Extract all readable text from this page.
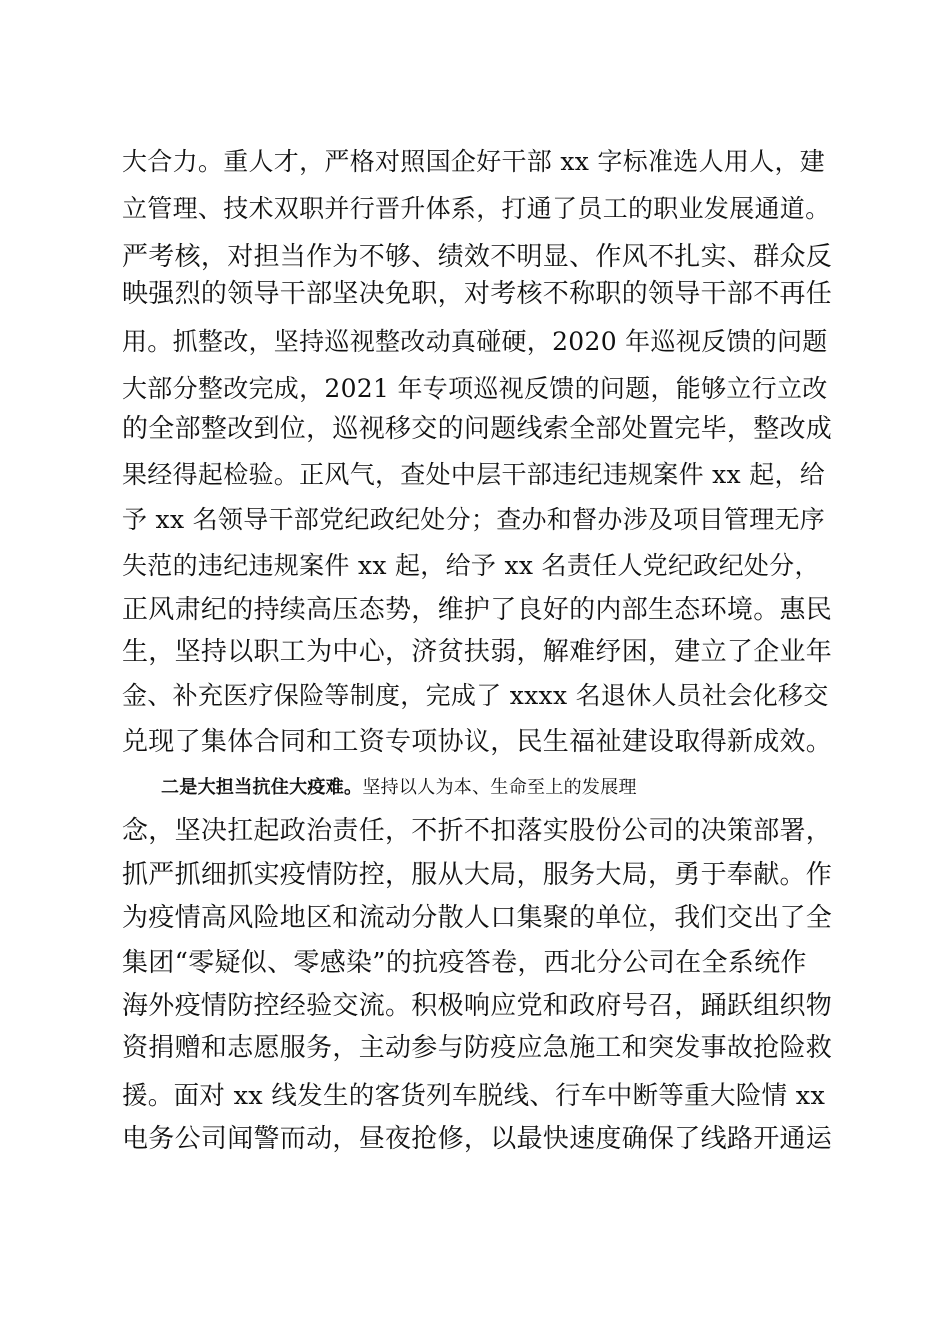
大合力。重人才，严格对照国企好干部 xx 字标准选人用人，建
立管理、技术双职并行晋升体系，打通了员工的职业发展通道。
严考核，对担当作为不够、绩效不明显、作风不扎实、群众反
映强烈的领导干部坚决免职，对考核不称职的领导干部不再任
用。抓整改，坚持巡视整改动真碰硬，2020 年巡视反馈的问题
大部分整改完成，2021 年专项巡视反馈的问题，能够立行立改
的全部整改到位，巡视移交的问题线索全部处置完毕，整改成
果经得起检验。正风气，查处中层干部违纪违规案件 xx 起，给
予 xx 名领导干部党纪政纪处分；查办和督办涉及项目管理无序
失范的违纪违规案件 xx 起，给予 xx 名责任人党纪政纪处分，
正风肃纪的持续高压态势，维护了良好的内部生态环境。惠民
生，坚持以职工为中心，济贫扶弱，解难纾困，建立了企业年
金、补充医疗保险等制度，完成了 xxxx 名退休人员社会化移交
兑现了集体合同和工资专项协议，民生福祉建设取得新成效。
二是大担当抗住大疫难。坚持以人为本、生命至上的发展理
念，坚决扛起政治责任，不折不扣落实股份公司的决策部署，
抓严抓细抓实疫情防控，服从大局，服务大局，勇于奉献。作
为疫情高风险地区和流动分散人口集聚的单位，我们交出了全
集团“零疑似、零感染”的抗疫答卷，西北分公司在全系统作
海外疫情防控经验交流。积极响应党和政府号召，踊跃组织物
资捐赠和志愿服务，主动参与防疫应急施工和突发事故抢险救
援。面对 xx 线发生的客货列车脱线、行车中断等重大险情 xx
电务公司闻警而动，昼夜抢修，以最快速度确保了线路开通运
